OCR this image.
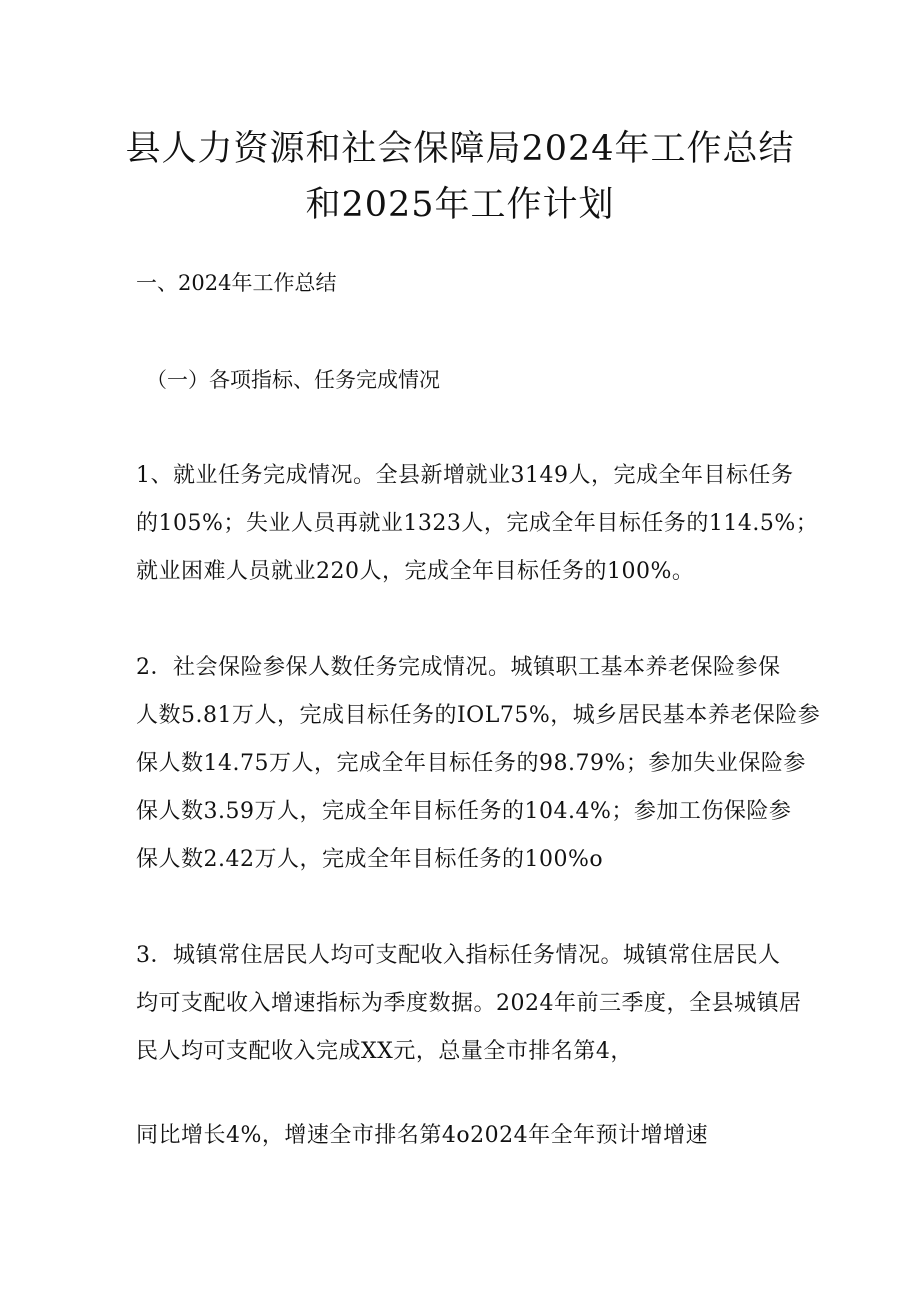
县人力资源和社会保障局2024年工作总结
和2025年工作计划
一、2024年工作总结
（一）各项指标、任务完成情况
1、就业任务完成情况。全县新增就业3149人，完成全年目标任务
的105%；失业人员再就业1323人，完成全年目标任务的114.5%；
就业困难人员就业220人，完成全年目标任务的100%。
2．社会保险参保人数任务完成情况。城镇职工基本养老保险参保
人数5.81万人，完成目标任务的IOL75%，城乡居民基本养老保险参
保人数14.75万人，完成全年目标任务的98.79%；参加失业保险参
保人数3.59万人，完成全年目标任务的104.4%；参加工伤保险参
保人数2.42万人，完成全年目标任务的100%o
3．城镇常住居民人均可支配收入指标任务情况。城镇常住居民人
均可支配收入增速指标为季度数据。2024年前三季度，全县城镇居
民人均可支配收入完成XX元，总量全市排名第4，
同比增长4%，增速全市排名第4o2024年全年预计增增速
